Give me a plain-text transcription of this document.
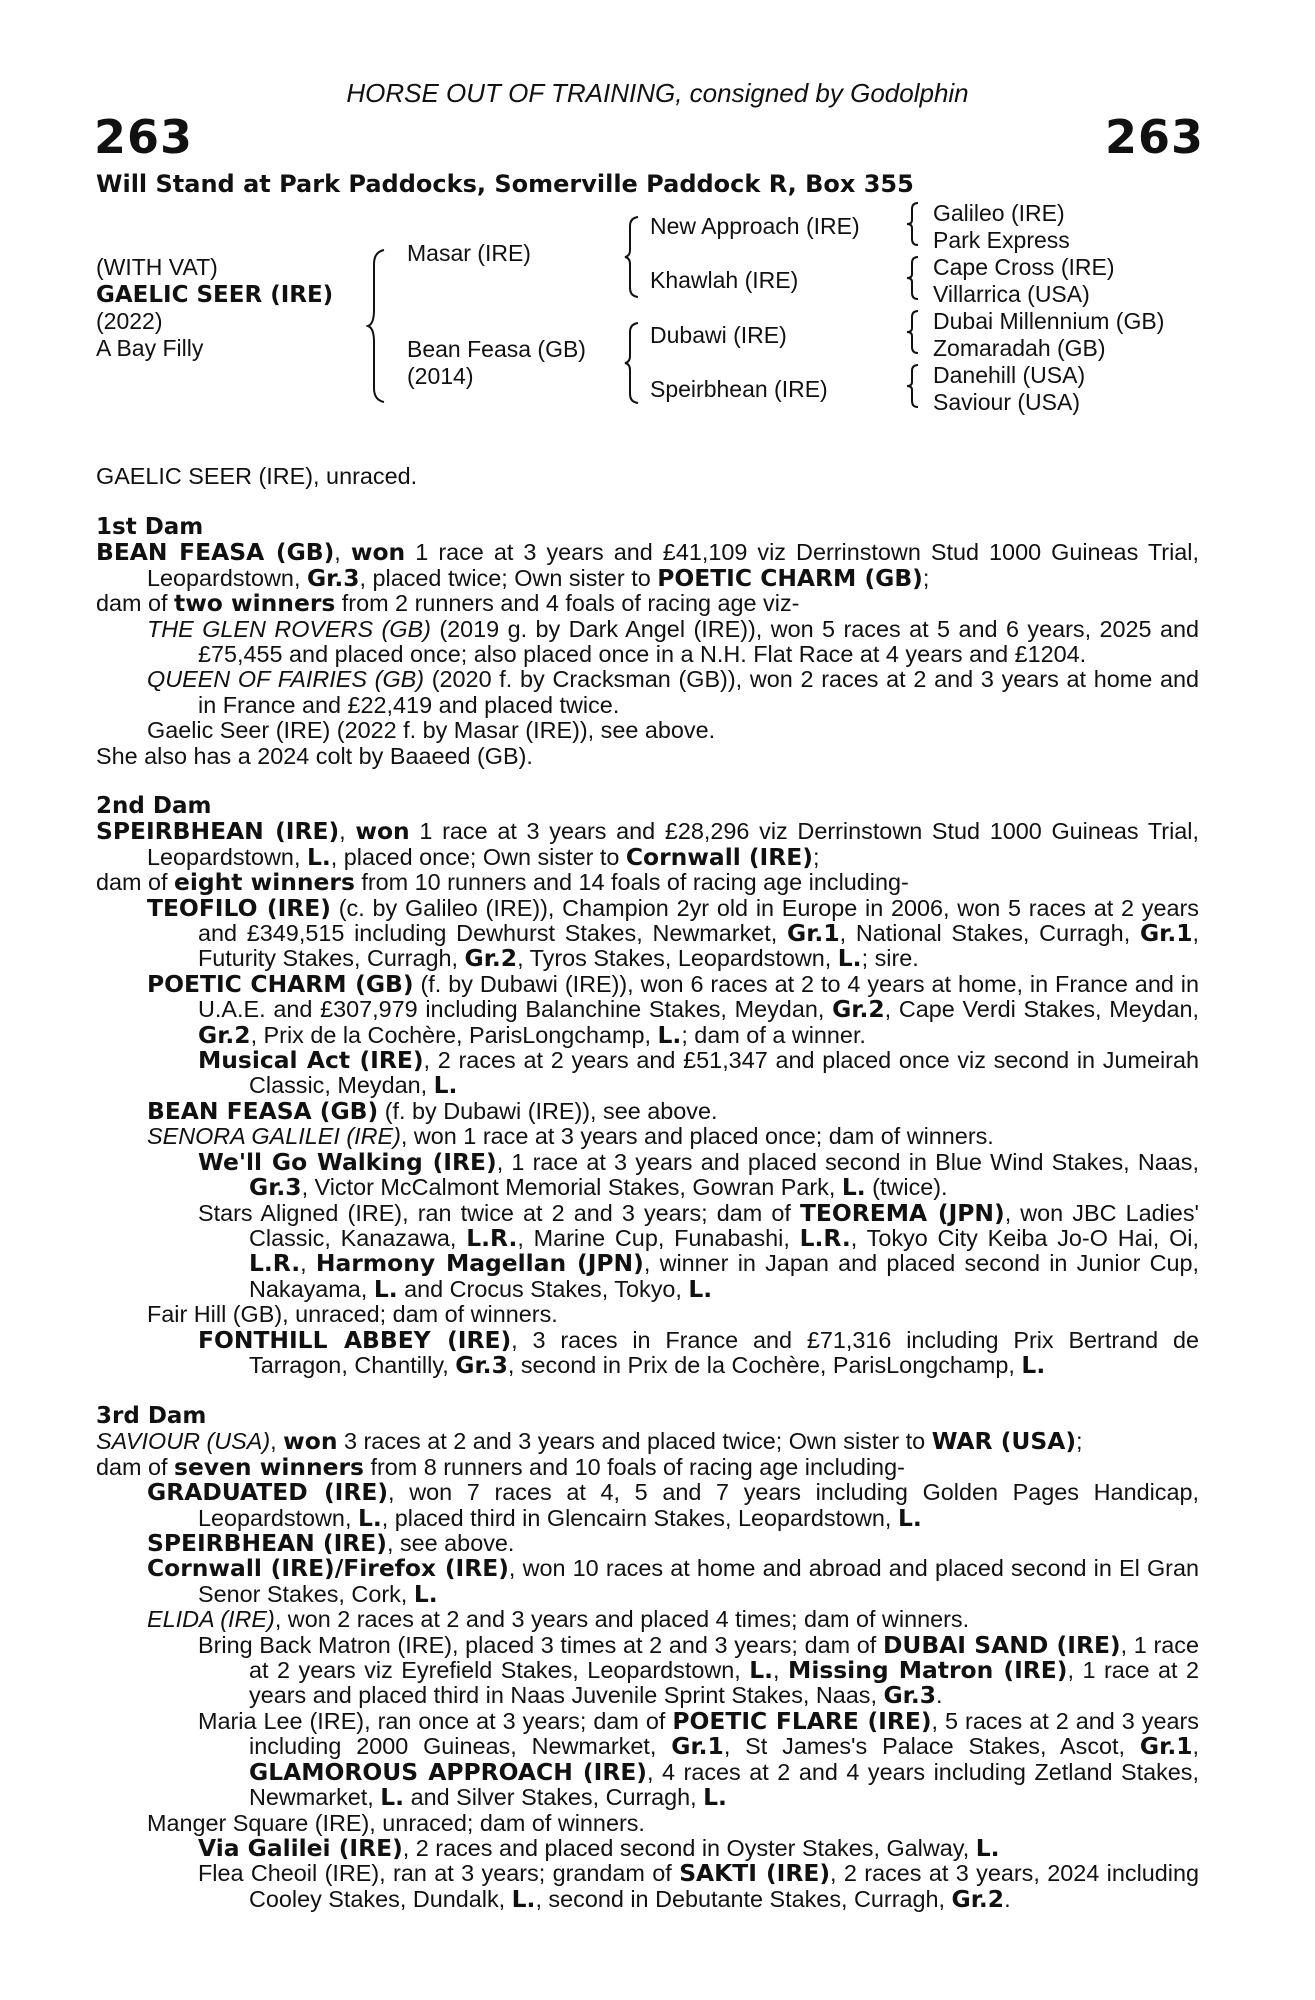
HORSE OUT OF TRAINING, consigned by Godolphin
263	263
Will Stand at Park Paddocks, Somerville Paddock R, Box 355
(WITH VAT)
GAELIC SEER (IRE)
(2022)
A Bay Filly
Masar (IRE)
Bean Feasa (GB)
(2014)
New Approach (IRE)
Khawlah (IRE)
Dubawi (IRE)
Speirbhean (IRE)
Galileo (IRE)
Park Express
Cape Cross (IRE)
Villarrica (USA)
Dubai Millennium (GB)
Zomaradah (GB)
Danehill (USA)
Saviour (USA)
GAELIC SEER (IRE), unraced.
1st Dam

BEAN FEASA (GB), won 1 race at 3 years and £41,109 viz Derrinstown Stud 1000 Guineas Trial, Leopardstown, Gr.3, placed twice; Own sister to POETIC CHARM (GB);

dam of two winners from 2 runners and 4 foals of racing age viz-

THE GLEN ROVERS (GB) (2019 g. by Dark Angel (IRE)), won 5 races at 5 and 6 years, 2025 and £75,455 and placed once; also placed once in a N.H. Flat Race at 4 years and £1204.

QUEEN OF FAIRIES (GB) (2020 f. by Cracksman (GB)), won 2 races at 2 and 3 years at home and in France and £22,419 and placed twice.

Gaelic Seer (IRE) (2022 f. by Masar (IRE)), see above.

She also has a 2024 colt by Baaeed (GB).

2nd Dam

SPEIRBHEAN (IRE), won 1 race at 3 years and £28,296 viz Derrinstown Stud 1000 Guineas Trial, Leopardstown, L., placed once; Own sister to Cornwall (IRE);

dam of eight winners from 10 runners and 14 foals of racing age including-

TEOFILO (IRE) (c. by Galileo (IRE)), Champion 2yr old in Europe in 2006, won 5 races at 2 years and £349,515 including Dewhurst Stakes, Newmarket, Gr.1, National Stakes, Curragh, Gr.1, Futurity Stakes, Curragh, Gr.2, Tyros Stakes, Leopardstown, L.; sire.

POETIC CHARM (GB) (f. by Dubawi (IRE)), won 6 races at 2 to 4 years at home, in France and in U.A.E. and £307,979 including Balanchine Stakes, Meydan, Gr.2, Cape Verdi Stakes, Meydan, Gr.2, Prix de la Cochère, ParisLongchamp, L.; dam of a winner.

Musical Act (IRE), 2 races at 2 years and £51,347 and placed once viz second in Jumeirah Classic, Meydan, L.

BEAN FEASA (GB) (f. by Dubawi (IRE)), see above.

SENORA GALILEI (IRE), won 1 race at 3 years and placed once; dam of winners.

We'll Go Walking (IRE), 1 race at 3 years and placed second in Blue Wind Stakes, Naas, Gr.3, Victor McCalmont Memorial Stakes, Gowran Park, L. (twice).

Stars Aligned (IRE), ran twice at 2 and 3 years; dam of TEOREMA (JPN), won JBC Ladies' Classic, Kanazawa, L.R., Marine Cup, Funabashi, L.R., Tokyo City Keiba Jo-O Hai, Oi, L.R., Harmony Magellan (JPN), winner in Japan and placed second in Junior Cup, Nakayama, L. and Crocus Stakes, Tokyo, L.

Fair Hill (GB), unraced; dam of winners.

FONTHILL ABBEY (IRE), 3 races in France and £71,316 including Prix Bertrand de Tarragon, Chantilly, Gr.3, second in Prix de la Cochère, ParisLongchamp, L.

3rd Dam

SAVIOUR (USA), won 3 races at 2 and 3 years and placed twice; Own sister to WAR (USA);

dam of seven winners from 8 runners and 10 foals of racing age including-

GRADUATED (IRE), won 7 races at 4, 5 and 7 years including Golden Pages Handicap, Leopardstown, L., placed third in Glencairn Stakes, Leopardstown, L.

SPEIRBHEAN (IRE), see above.

Cornwall (IRE)/Firefox (IRE), won 10 races at home and abroad and placed second in El Gran Senor Stakes, Cork, L.

ELIDA (IRE), won 2 races at 2 and 3 years and placed 4 times; dam of winners.

Bring Back Matron (IRE), placed 3 times at 2 and 3 years; dam of DUBAI SAND (IRE), 1 race at 2 years viz Eyrefield Stakes, Leopardstown, L., Missing Matron (IRE), 1 race at 2 years and placed third in Naas Juvenile Sprint Stakes, Naas, Gr.3.

Maria Lee (IRE), ran once at 3 years; dam of POETIC FLARE (IRE), 5 races at 2 and 3 years including 2000 Guineas, Newmarket, Gr.1, St James's Palace Stakes, Ascot, Gr.1, GLAMOROUS APPROACH (IRE), 4 races at 2 and 4 years including Zetland Stakes, Newmarket, L. and Silver Stakes, Curragh, L.

Manger Square (IRE), unraced; dam of winners.

Via Galilei (IRE), 2 races and placed second in Oyster Stakes, Galway, L.

Flea Cheoil (IRE), ran at 3 years; grandam of SAKTI (IRE), 2 races at 3 years, 2024 including Cooley Stakes, Dundalk, L., second in Debutante Stakes, Curragh, Gr.2.
